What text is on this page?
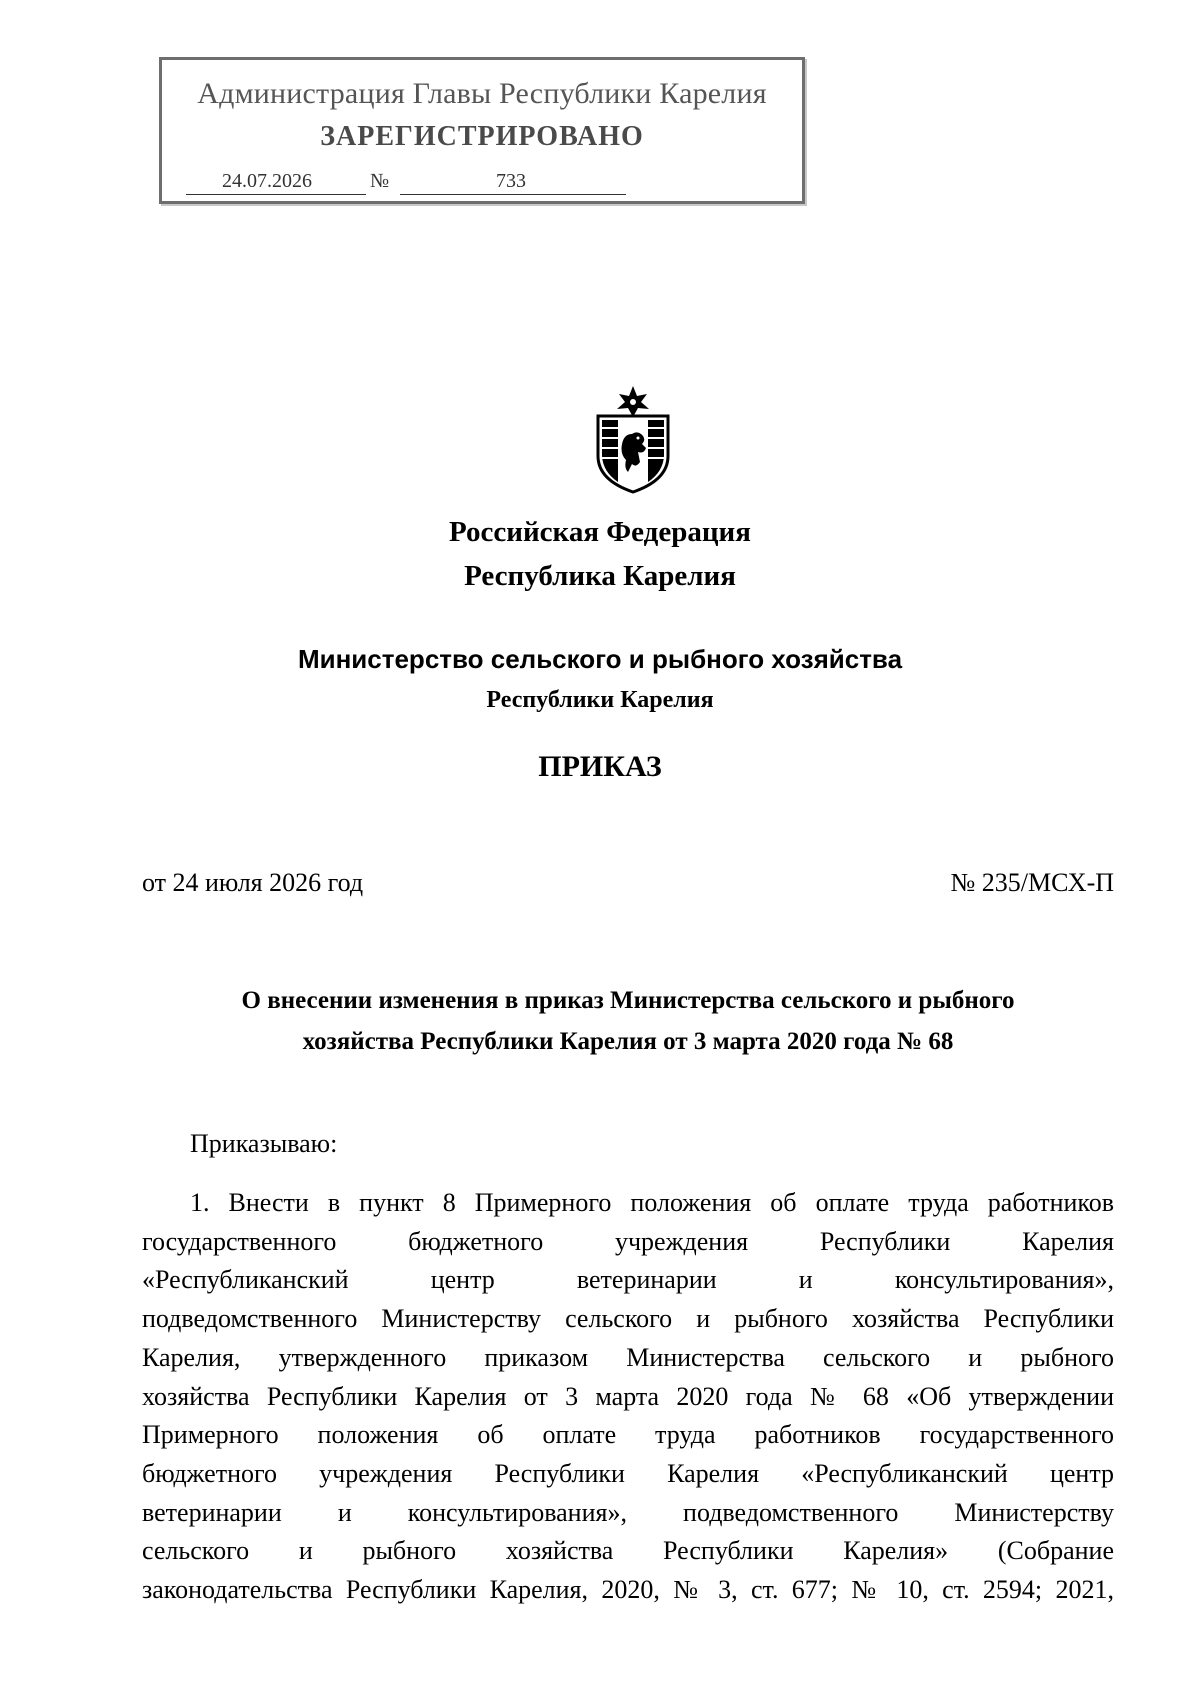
Администрация Главы Республики Карелия
ЗАРЕГИСТРИРОВАНО
24.07.2026	№	733
Российская Федерация
Республика Карелия
Министерство сельского и рыбного хозяйства
Республики Карелия
ПРИКАЗ
от 24 июля 2026 год	№ 235/МСХ-П
О внесении изменения в приказ Министерства сельского и рыбного
хозяйства Республики Карелия от 3 марта 2020 года № 68
Приказываю:
1. Внести в пункт 8 Примерного положения об оплате труда работников
государственного бюджетного учреждения Республики Карелия
«Республиканский центр ветеринарии и консультирования»,
подведомственного Министерству сельского и рыбного хозяйства Республики
Карелия, утвержденного приказом Министерства сельского и рыбного
хозяйства Республики Карелия от 3 марта 2020 года № 68 «Об утверждении
Примерного положения об оплате труда работников государственного
бюджетного учреждения Республики Карелия «Республиканский центр
ветеринарии и консультирования», подведомственного Министерству
сельского и рыбного хозяйства Республики Карелия» (Собрание
законодательства Республики Карелия, 2020, № 3, ст. 677; № 10, ст. 2594; 2021,
